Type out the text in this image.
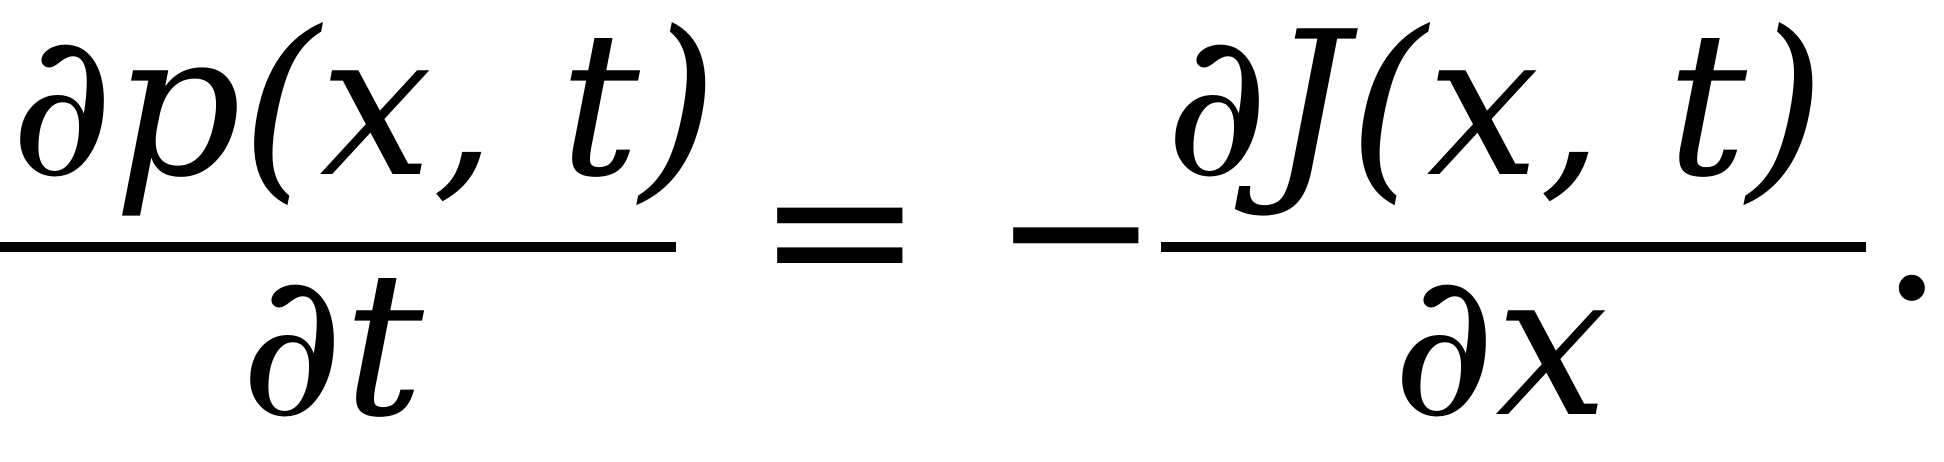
∂p(x, t)
∂t = −
∂J(x, t)
∂x .
